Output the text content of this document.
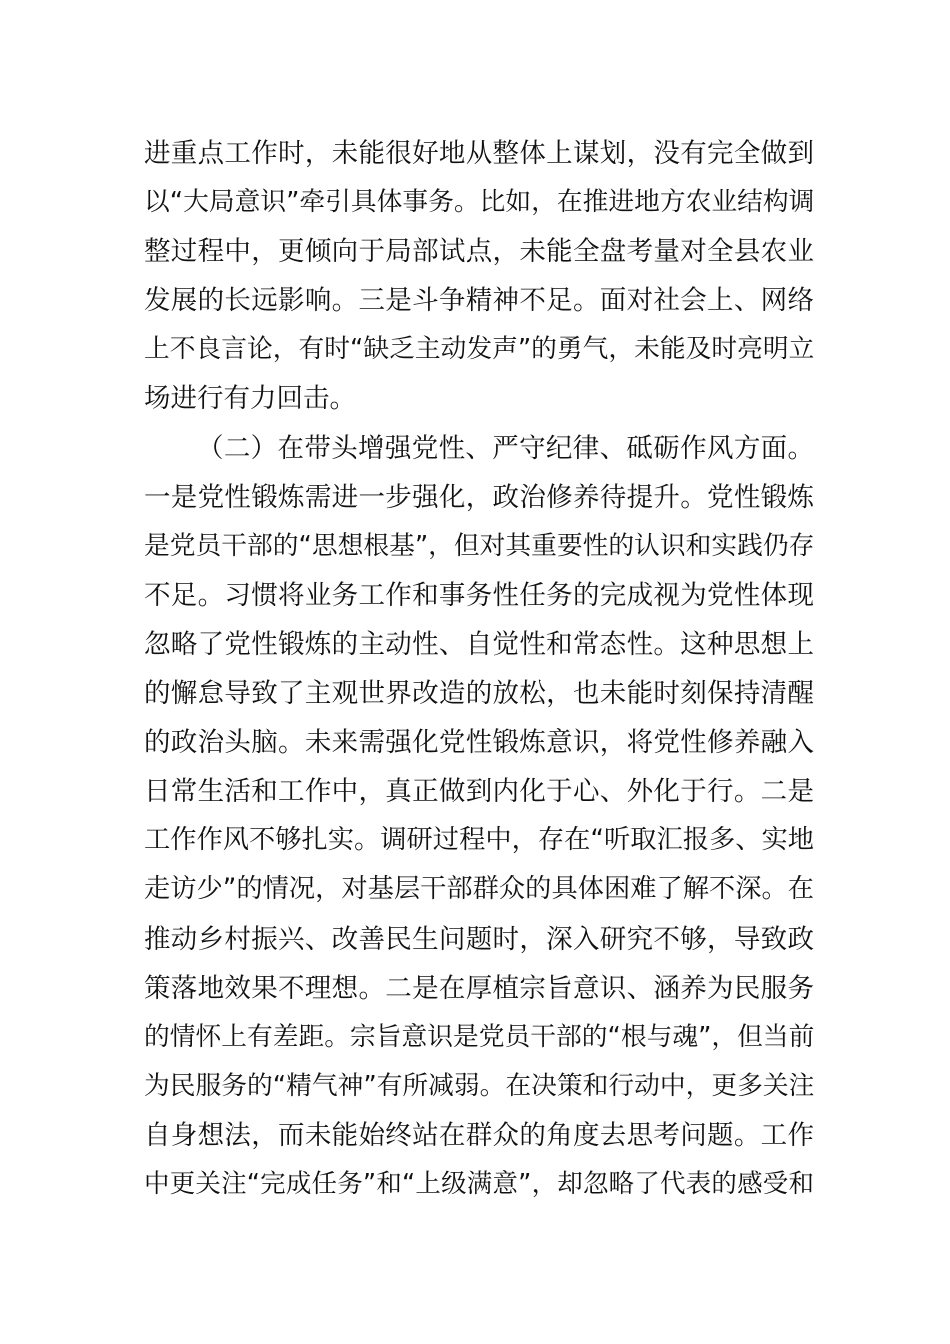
进重点工作时，未能很好地从整体上谋划，没有完全做到
以“大局意识”牵引具体事务。比如，在推进地方农业结构调
整过程中，更倾向于局部试点，未能全盘考量对全县农业
发展的长远影响。三是斗争精神不足。面对社会上、网络
上不良言论，有时“缺乏主动发声”的勇气，未能及时亮明立
场进行有力回击。
（二）在带头增强党性、严守纪律、砥砺作风方面。
一是党性锻炼需进一步强化，政治修养待提升。党性锻炼
是党员干部的“思想根基”，但对其重要性的认识和实践仍存
不足。习惯将业务工作和事务性任务的完成视为党性体现
忽略了党性锻炼的主动性、自觉性和常态性。这种思想上
的懈怠导致了主观世界改造的放松，也未能时刻保持清醒
的政治头脑。未来需强化党性锻炼意识，将党性修养融入
日常生活和工作中，真正做到内化于心、外化于行。二是
工作作风不够扎实。调研过程中，存在“听取汇报多、实地
走访少”的情况，对基层干部群众的具体困难了解不深。在
推动乡村振兴、改善民生问题时，深入研究不够，导致政
策落地效果不理想。二是在厚植宗旨意识、涵养为民服务
的情怀上有差距。宗旨意识是党员干部的“根与魂”，但当前
为民服务的“精气神”有所减弱。在决策和行动中，更多关注
自身想法，而未能始终站在群众的角度去思考问题。工作
中更关注“完成任务”和“上级满意”，却忽略了代表的感受和
